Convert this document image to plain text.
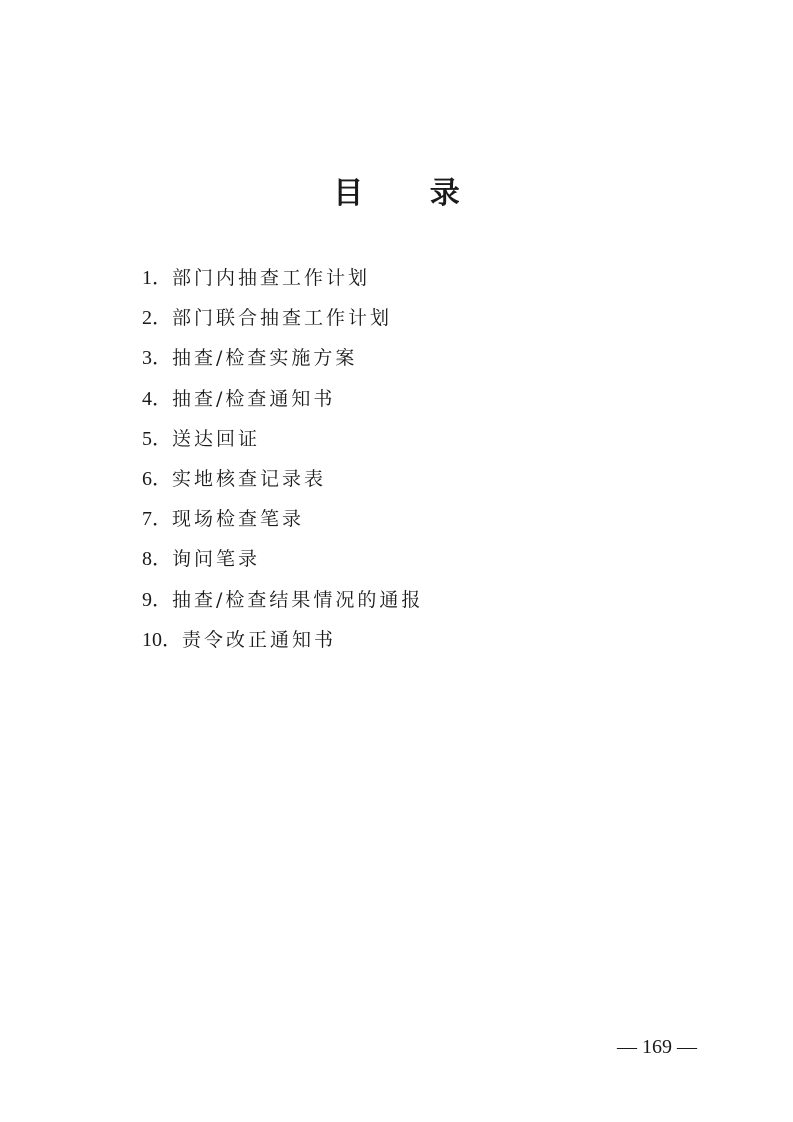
目 录
1．部门内抽查工作计划
2．部门联合抽查工作计划
3．抽查/检查实施方案
4．抽查/检查通知书
5．送达回证
6．实地核查记录表
7．现场检查笔录
8．询问笔录
9．抽查/检查结果情况的通报
10．责令改正通知书
— 169 —
